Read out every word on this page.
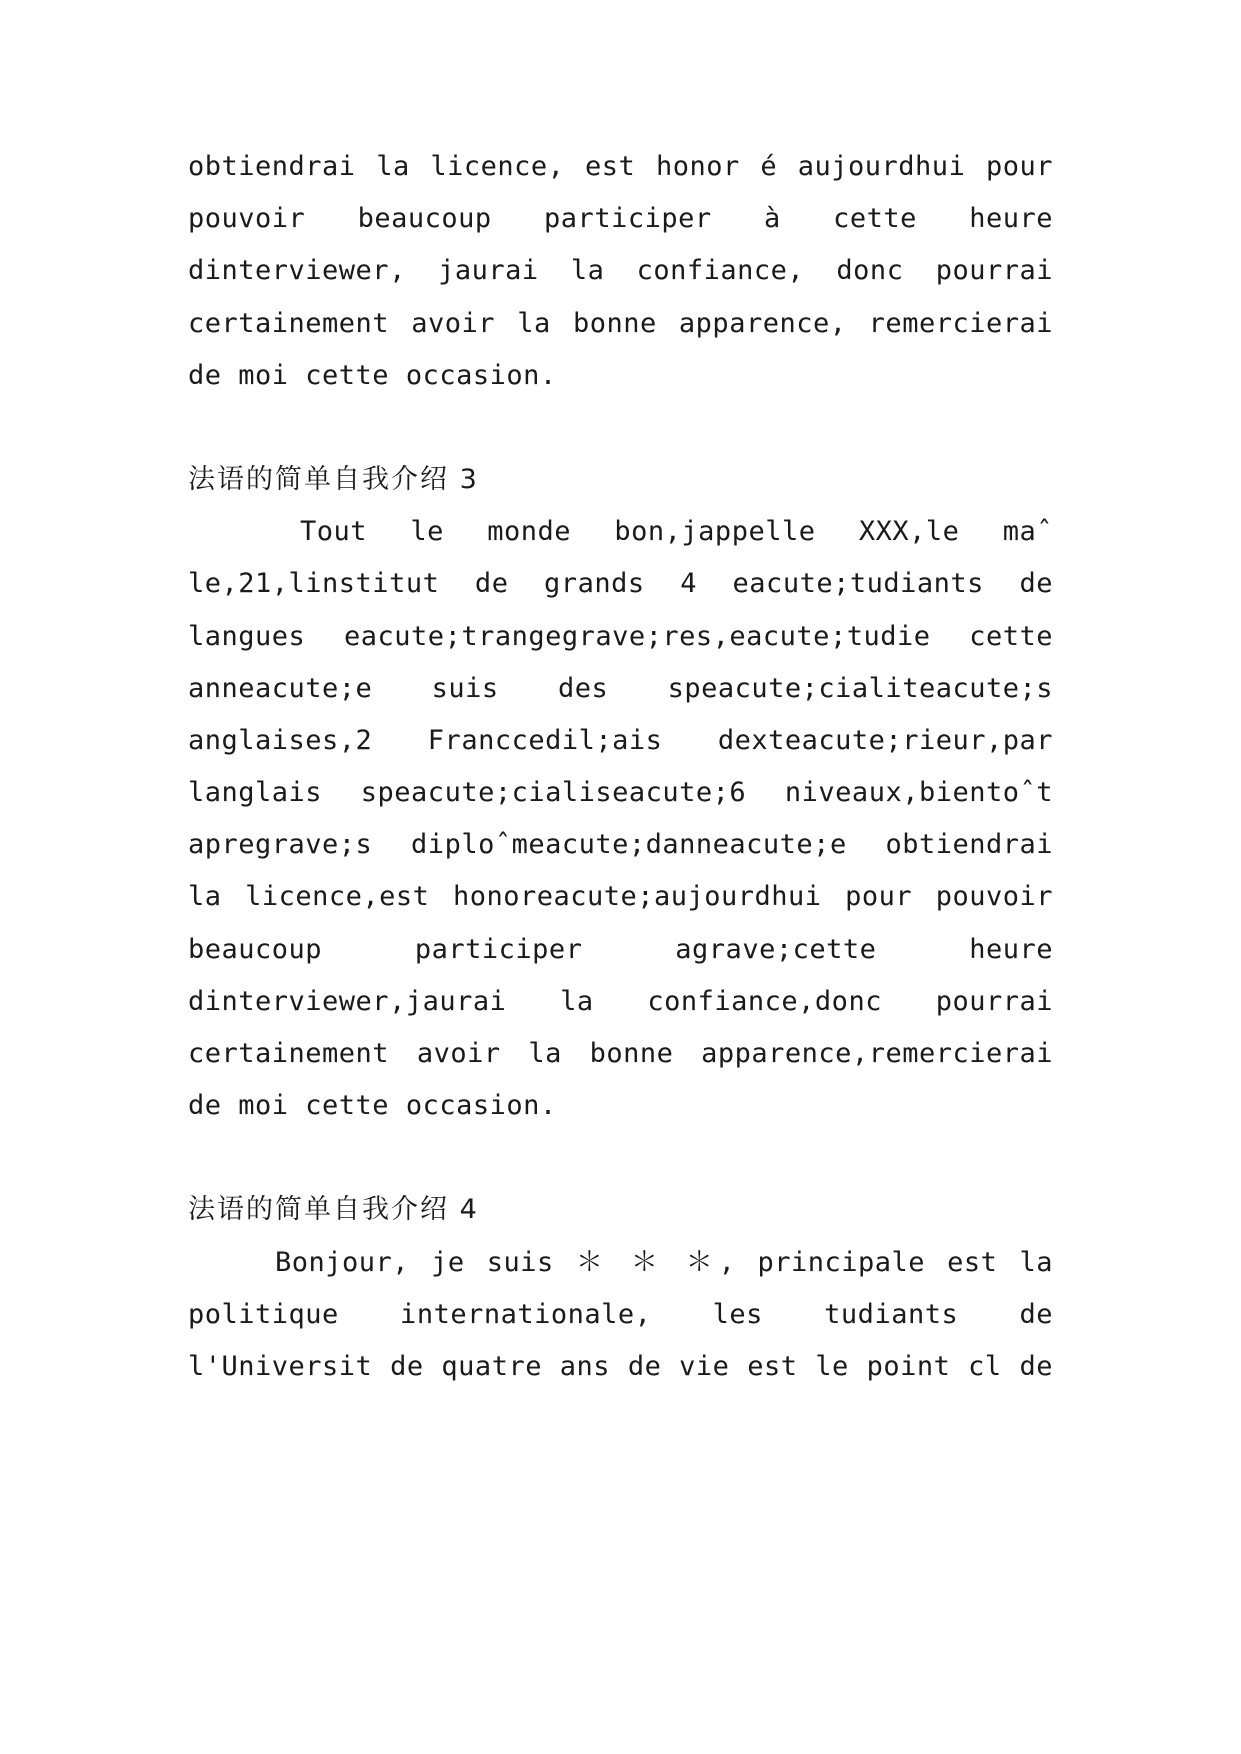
obtiendrai la licence, est honor é aujourdhui pour
pouvoir beaucoup participer à cette heure
dinterviewer, jaurai la confiance, donc pourrai
certainement avoir la bonne apparence, remercierai
de moi cette occasion.
法语的简单自我介绍 3
Tout le monde bon,jappelle XXX,le maˆ
le,21,linstitut de grands 4 eacute;tudiants de
langues eacute;trangegrave;res,eacute;tudie cette
anneacute;e suis des speacute;cialiteacute;s
anglaises,2 Franccedil;ais dexteacute;rieur,par
langlais speacute;cialiseacute;6 niveaux,bientoˆt
apregrave;s diploˆmeacute;danneacute;e obtiendrai
la licence,est honoreacute;aujourdhui pour pouvoir
beaucoup participer agrave;cette heure
dinterviewer,jaurai la confiance,donc pourrai
certainement avoir la bonne apparence,remercierai
de moi cette occasion.
法语的简单自我介绍 4
Bonjour, je suis ＊ ＊ ＊, principale est la
politique internationale, les tudiants de
l'Universit de quatre ans de vie est le point cl de
